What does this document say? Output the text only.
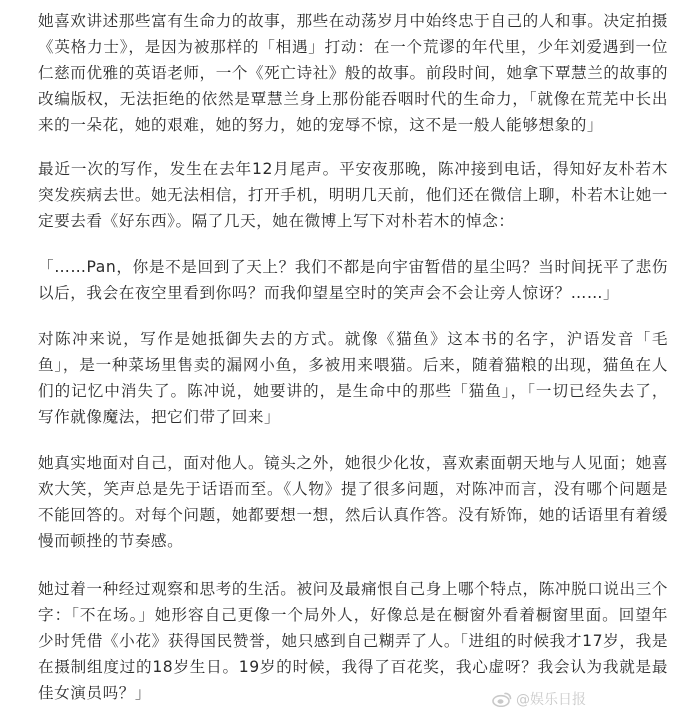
她喜欢讲述那些富有生命力的故事，那些在动荡岁月中始终忠于自己的人和事。决定拍摄《英格力士》，是因为被那样的「相遇」打动：在一个荒谬的年代里，少年刘爱遇到一位仁慈而优雅的英语老师，一个《死亡诗社》般的故事。前段时间，她拿下覃慧兰的故事的改编版权，无法拒绝的依然是覃慧兰身上那份能吞咽时代的生命力，「就像在荒芜中长出来的一朵花，她的艰难，她的努力，她的宠辱不惊，这不是一般人能够想象的」

最近一次的写作，发生在去年12月尾声。平安夜那晚，陈冲接到电话，得知好友朴若木突发疾病去世。她无法相信，打开手机，明明几天前，他们还在微信上聊，朴若木让她一定要去看《好东西》。隔了几天，她在微博上写下对朴若木的悼念：

「……Pan，你是不是回到了天上？我们不都是向宇宙暂借的星尘吗？当时间抚平了悲伤以后，我会在夜空里看到你吗？而我仰望星空时的笑声会不会让旁人惊讶？……」

对陈冲来说，写作是她抵御失去的方式。就像《猫鱼》这本书的名字，沪语发音「毛鱼」，是一种菜场里售卖的漏网小鱼，多被用来喂猫。后来，随着猫粮的出现，猫鱼在人们的记忆中消失了。陈冲说，她要讲的，是生命中的那些「猫鱼」，「一切已经失去了，写作就像魔法，把它们带了回来」

她真实地面对自己，面对他人。镜头之外，她很少化妆，喜欢素面朝天地与人见面；她喜欢大笑，笑声总是先于话语而至。《人物》提了很多问题，对陈冲而言，没有哪个问题是不能回答的。对每个问题，她都要想一想，然后认真作答。没有矫饰，她的话语里有着缓慢而顿挫的节奏感。

她过着一种经过观察和思考的生活。被问及最痛恨自己身上哪个特点，陈冲脱口说出三个字：「不在场。」她形容自己更像一个局外人，好像总是在橱窗外看着橱窗里面。回望年少时凭借《小花》获得国民赞誉，她只感到自己糊弄了人。「进组的时候我才17岁，我是在摄制组度过的18岁生日。19岁的时候，我得了百花奖，我心虚呀？我会认为我就是最佳女演员吗？」	@娱乐日报
